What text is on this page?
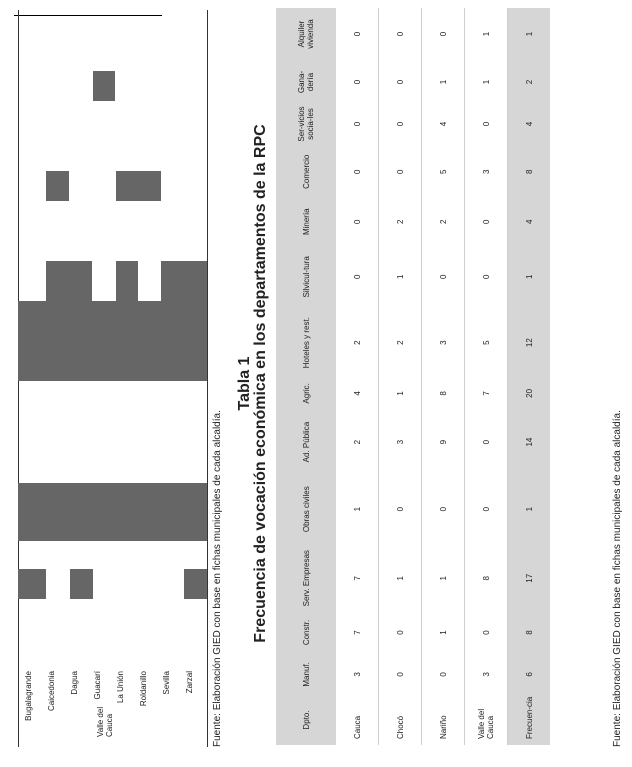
Valle del Cauca
Bugalagrande Caicedonia Dagua Guacarí La Unión Roldanillo Sevilla Zarzal Fuente: Elaboración GIED con base en fichas municipales de cada alcaldía.
Tabla 1 Frecuencia de vocación económica en los departamentos de la RPC
Dpto.	Manuf.	Constr.	Serv. Empresas	Obras civiles	Ad. Pública	Agric.	Hoteles y rest.	Silvicul-tura	Minería	Comercio	Ser-vicios socia-les	Gana-dería	Alquiler vivienda
Cauca	3	7	7	1	2	4	2	0	0	0	0	0	0
Chocó	0	0	1	0	3	1	2	1	2	0	0	0	0
Nariño	0	1	1	0	9	8	3	0	2	5	4	1	0
Valle del Cauca	3	0	8	0	0	7	5	0	0	3	0	1	1
Frecuen-cia	6	8	17	1	14	20	12	1	4	8	4	2	1
Fuente: Elaboración GIED con base en fichas municipales de cada alcaldía.
